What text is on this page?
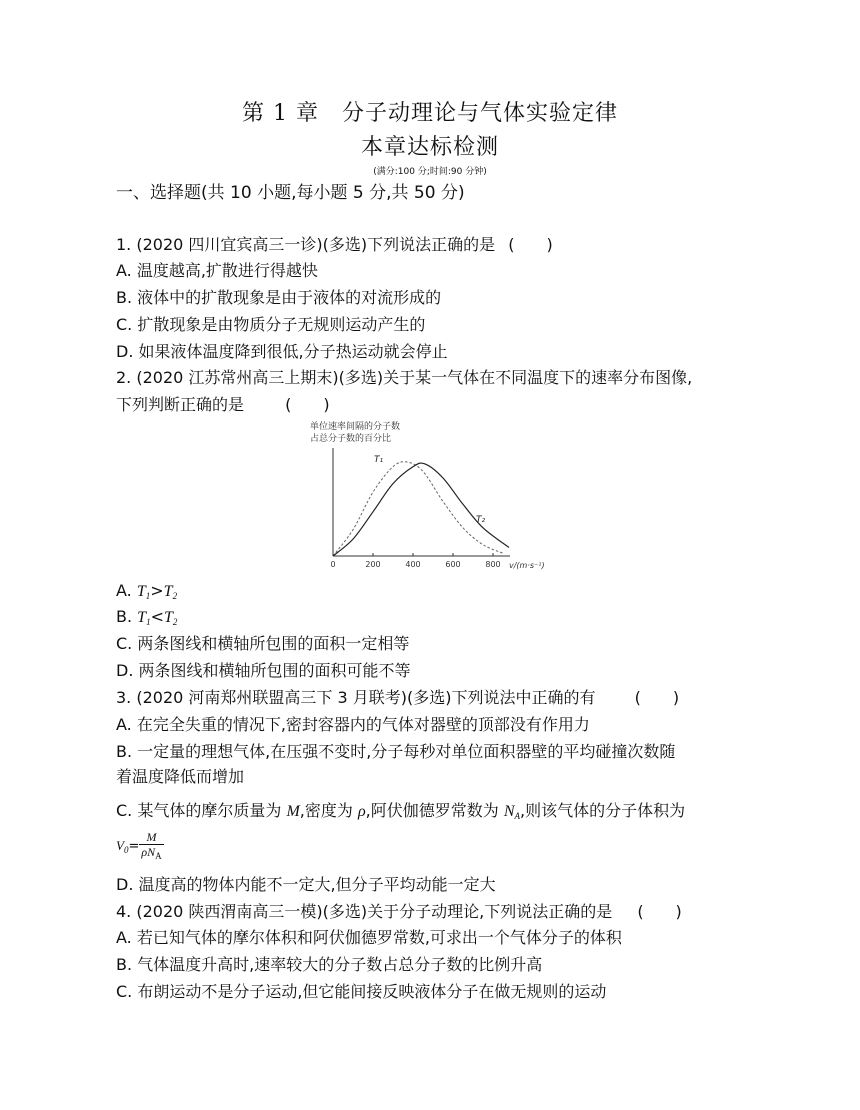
第 1 章　分子动理论与气体实验定律
本章达标检测
(满分:100 分;时间:90 分钟)
一、选择题(共 10 小题,每小题 5 分,共 50 分)
1. (2020 四川宜宾高三一诊)(多选)下列说法正确的是 (　　)
A. 温度越高,扩散进行得越快
B. 液体中的扩散现象是由于液体的对流形成的
C. 扩散现象是由物质分子无规则运动产生的
D. 如果液体温度降到很低,分子热运动就会停止
2. (2020 江苏常州高三上期末)(多选)关于某一气体在不同温度下的速率分布图像,
下列判断正确的是	(　　)
单位速率间隔的分子数
占总分子数的百分比
0	200	400	600	800 v/(m·s⁻¹)
T₁
T₂
A. $T_1>T_2$
B. $T_1<T_2$
C. 两条图线和横轴所包围的面积一定相等
D. 两条图线和横轴所包围的面积可能不等
3. (2020 河南郑州联盟高三下 3 月联考)(多选)下列说法中正确的有 (　　)
A. 在完全失重的情况下,密封容器内的气体对器壁的顶部没有作用力
B. 一定量的理想气体,在压强不变时,分子每秒对单位面积器壁的平均碰撞次数随
着温度降低而增加
C. 某气体的摩尔质量为 M,密度为 ρ,阿伏伽德罗常数为 $N_A$,则该气体的分子体积为
$V_0= \frac{M}{\rho N_A}$
D. 温度高的物体内能不一定大,但分子平均动能一定大
4. (2020 陕西渭南高三一模)(多选)关于分子动理论,下列说法正确的是 (　　)
A. 若已知气体的摩尔体积和阿伏伽德罗常数,可求出一个气体分子的体积
B. 气体温度升高时,速率较大的分子数占总分子数的比例升高
C. 布朗运动不是分子运动,但它能间接反映液体分子在做无规则的运动
